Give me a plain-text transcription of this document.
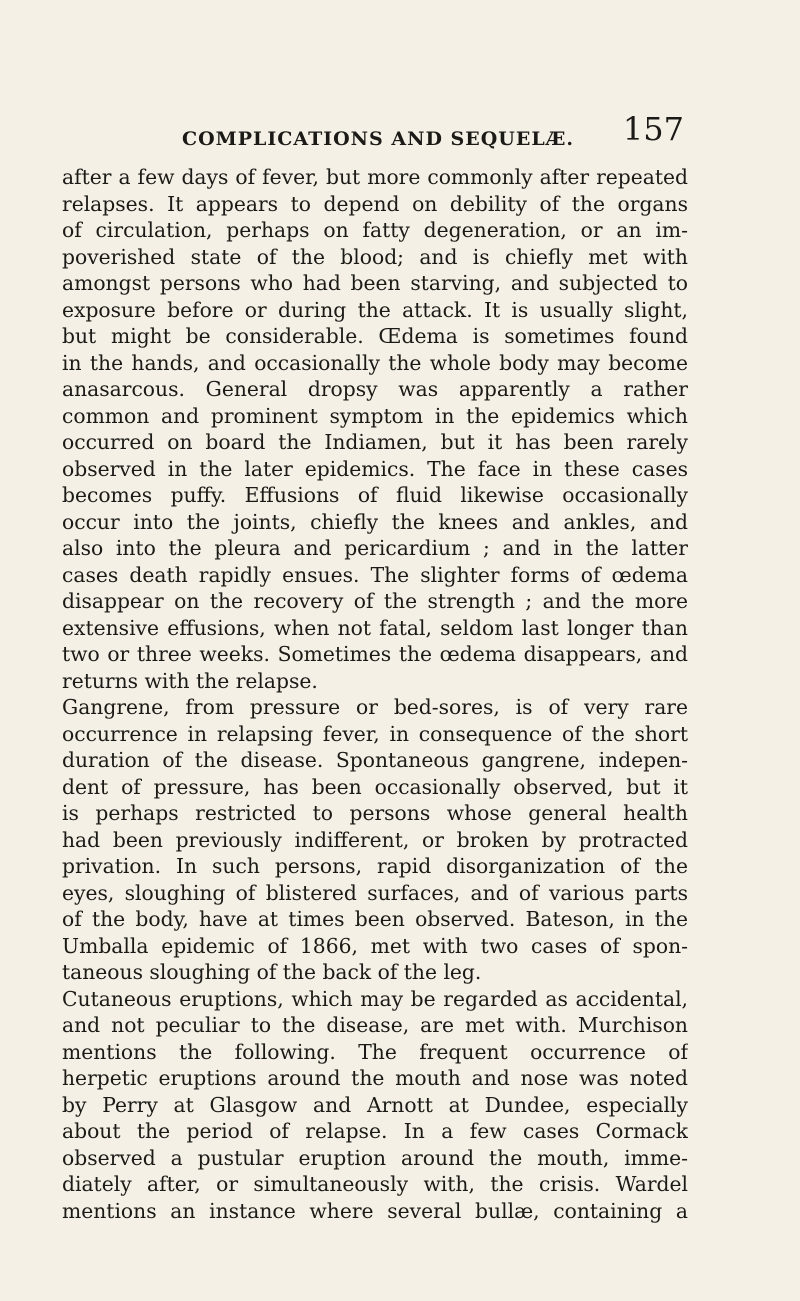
COMPLICATIONS AND SEQUELÆ. 157
after a few days of fever, but more commonly after repeated
relapses. It appears to depend on debility of the organs
of circulation, perhaps on fatty degeneration, or an im-
poverished state of the blood; and is chiefly met with
amongst persons who had been starving, and subjected to
exposure before or during the attack. It is usually slight,
but might be considerable. Œdema is sometimes found
in the hands, and occasionally the whole body may become
anasarcous. General dropsy was apparently a rather
common and prominent symptom in the epidemics which
occurred on board the Indiamen, but it has been rarely
observed in the later epidemics. The face in these cases
becomes puffy. Effusions of fluid likewise occasionally
occur into the joints, chiefly the knees and ankles, and
also into the pleura and pericardium ; and in the latter
cases death rapidly ensues. The slighter forms of œdema
disappear on the recovery of the strength ; and the more
extensive effusions, when not fatal, seldom last longer than
two or three weeks. Sometimes the œdema disappears, and
returns with the relapse.
Gangrene, from pressure or bed-sores, is of very rare
occurrence in relapsing fever, in consequence of the short
duration of the disease. Spontaneous gangrene, indepen-
dent of pressure, has been occasionally observed, but it
is perhaps restricted to persons whose general health
had been previously indifferent, or broken by protracted
privation. In such persons, rapid disorganization of the
eyes, sloughing of blistered surfaces, and of various parts
of the body, have at times been observed. Bateson, in the
Umballa epidemic of 1866, met with two cases of spon-
taneous sloughing of the back of the leg.
Cutaneous eruptions, which may be regarded as accidental,
and not peculiar to the disease, are met with. Murchison
mentions the following. The frequent occurrence of
herpetic eruptions around the mouth and nose was noted
by Perry at Glasgow and Arnott at Dundee, especially
about the period of relapse. In a few cases Cormack
observed a pustular eruption around the mouth, imme-
diately after, or simultaneously with, the crisis. Wardel
mentions an instance where several bullæ, containing a
